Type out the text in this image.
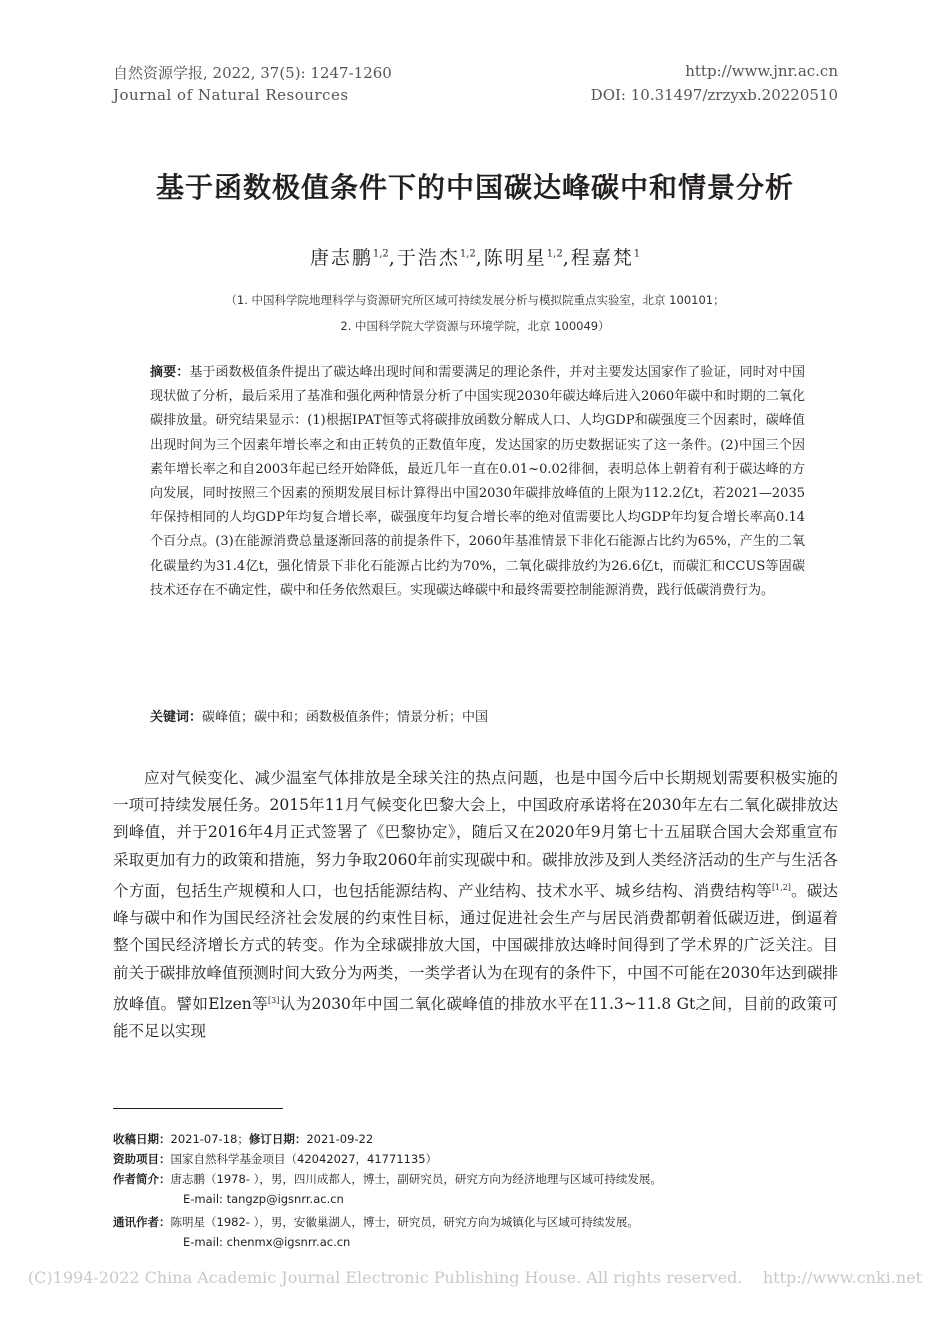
自然资源学报, 2022, 37(5): 1247-1260
Journal of Natural Resources
http://www.jnr.ac.cn
DOI: 10.31497/zrzyxb.20220510
基于函数极值条件下的中国碳达峰碳中和情景分析
唐志鹏$^{1,2}$,于浩杰$^{1,2}$,陈明星$^{1,2}$,程嘉梵$^1$
（1. 中国科学院地理科学与资源研究所区域可持续发展分析与模拟院重点实验室，北京 100101；
2. 中国科学院大学资源与环境学院，北京 100049）
摘要：基于函数极值条件提出了碳达峰出现时间和需要满足的理论条件，并对主要发达国家作了验证，同时对中国现状做了分析，最后采用了基准和强化两种情景分析了中国实现2030年碳达峰后进入2060年碳中和时期的二氧化碳排放量。研究结果显示：(1)根据IPAT恒等式将碳排放函数分解成人口、人均GDP和碳强度三个因素时，碳峰值出现时间为三个因素年增长率之和由正转负的正数值年度，发达国家的历史数据证实了这一条件。(2)中国三个因素年增长率之和自2003年起已经开始降低，最近几年一直在0.01~0.02徘徊，表明总体上朝着有利于碳达峰的方向发展，同时按照三个因素的预期发展目标计算得出中国2030年碳排放峰值的上限为112.2亿t，若2021—2035年保持相同的人均GDP年均复合增长率，碳强度年均复合增长率的绝对值需要比人均GDP年均复合增长率高0.14个百分点。(3)在能源消费总量逐渐回落的前提条件下，2060年基准情景下非化石能源占比约为65%，产生的二氧化碳量约为31.4亿t，强化情景下非化石能源占比约为70%，二氧化碳排放约为26.6亿t，而碳汇和CCUS等固碳技术还存在不确定性，碳中和任务依然艰巨。实现碳达峰碳中和最终需要控制能源消费，践行低碳消费行为。
关键词：碳峰值；碳中和；函数极值条件；情景分析；中国
应对气候变化、减少温室气体排放是全球关注的热点问题，也是中国今后中长期规划需要积极实施的一项可持续发展任务。2015年11月气候变化巴黎大会上，中国政府承诺将在2030年左右二氧化碳排放达到峰值，并于2016年4月正式签署了《巴黎协定》，随后又在2020年9月第七十五届联合国大会郑重宣布采取更加有力的政策和措施，努力争取2060年前实现碳中和。碳排放涉及到人类经济活动的生产与生活各个方面，包括生产规模和人口，也包括能源结构、产业结构、技术水平、城乡结构、消费结构等[1,2]。碳达峰与碳中和作为国民经济社会发展的约束性目标，通过促进社会生产与居民消费都朝着低碳迈进，倒逼着整个国民经济增长方式的转变。作为全球碳排放大国，中国碳排放达峰时间得到了学术界的广泛关注。目前关于碳排放峰值预测时间大致分为两类，一类学者认为在现有的条件下，中国不可能在2030年达到碳排放峰值。譬如Elzen等[3]认为2030年中国二氧化碳峰值的排放水平在11.3~11.8 Gt之间，目前的政策可能不足以实现
收稿日期：2021-07-18；修订日期：2021-09-22
资助项目：国家自然科学基金项目（42042027，41771135）
作者简介：唐志鹏（1978- ），男，四川成都人，博士，副研究员，研究方向为经济地理与区域可持续发展。
E-mail: tangzp@igsnrr.ac.cn
通讯作者：陈明星（1982- ），男，安徽巢湖人，博士，研究员，研究方向为城镇化与区域可持续发展。
E-mail: chenmx@igsnrr.ac.cn
(C)1994-2022 China Academic Journal Electronic Publishing House. All rights reserved.    http://www.cnki.net
